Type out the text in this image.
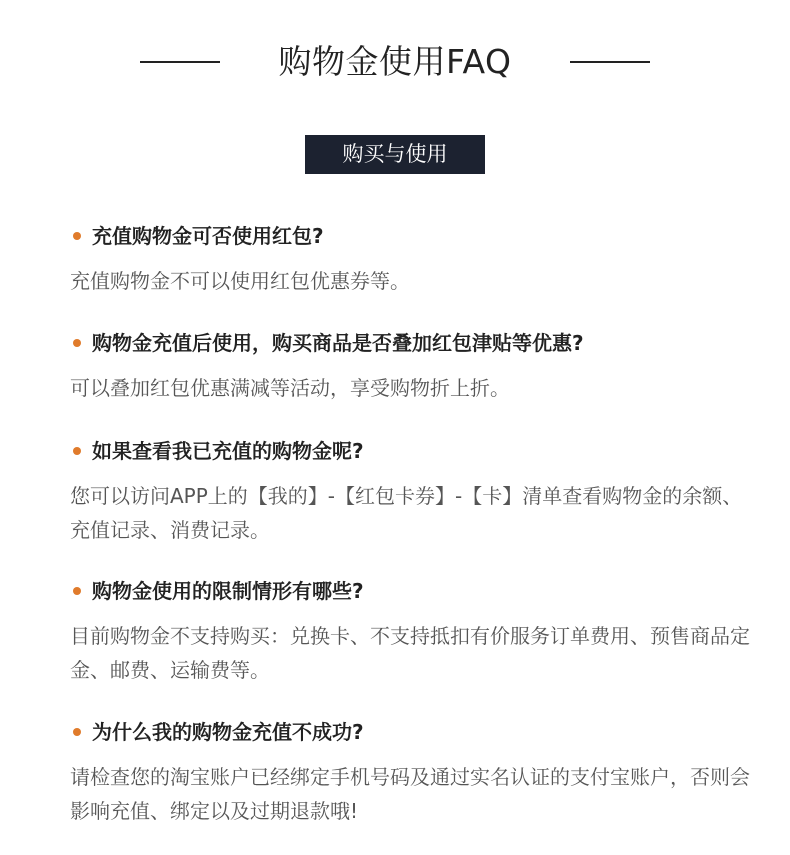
购物金使用FAQ
购买与使用
充值购物金可否使用红包?
充值购物金不可以使用红包优惠券等。
购物金充值后使用，购买商品是否叠加红包津贴等优惠?
可以叠加红包优惠满减等活动，享受购物折上折。
如果查看我已充值的购物金呢?
您可以访问APP上的【我的】-【红包卡券】-【卡】清单查看购物金的余额、充值记录、消费记录。
购物金使用的限制情形有哪些?
目前购物金不支持购买：兑换卡、不支持抵扣有价服务订单费用、预售商品定金、邮费、运输费等。
为什么我的购物金充值不成功?
请检查您的淘宝账户已经绑定手机号码及通过实名认证的支付宝账户，否则会影响充值、绑定以及过期退款哦!
